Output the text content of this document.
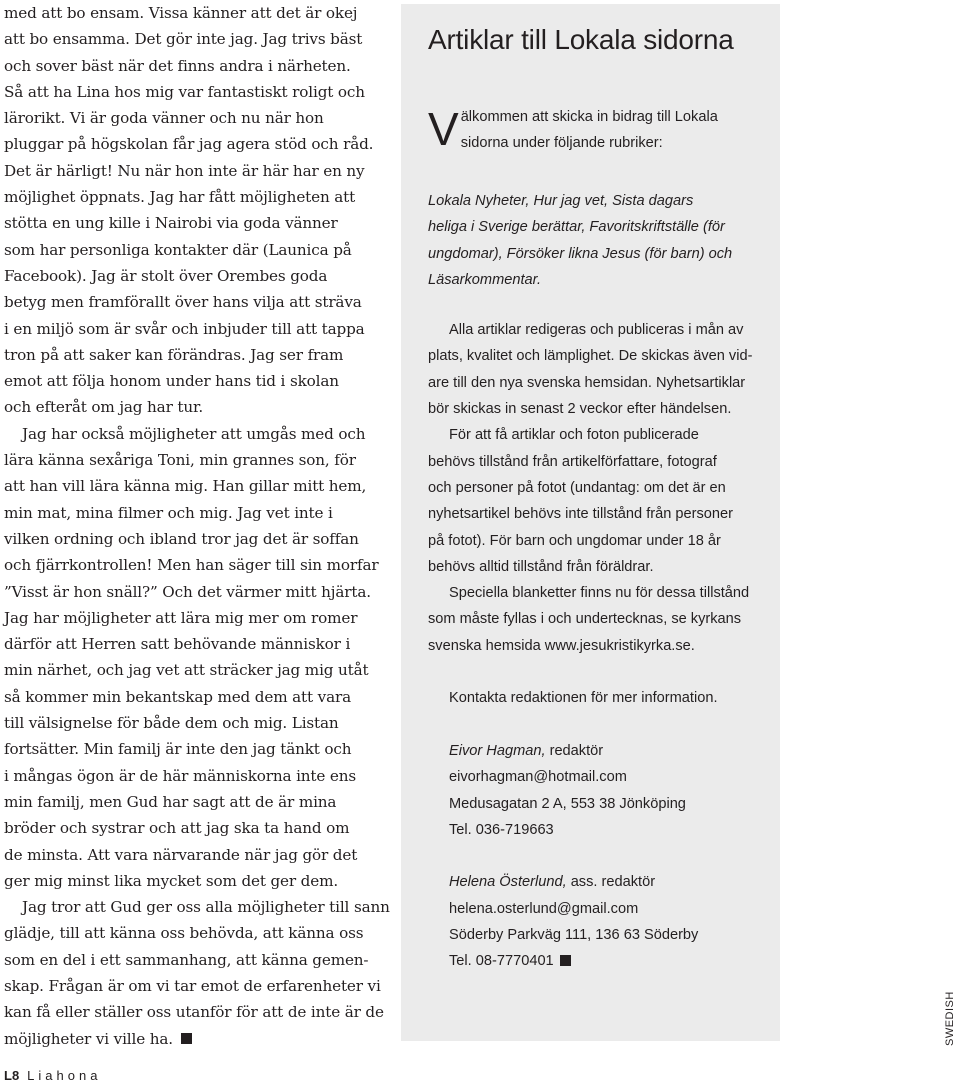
med att bo ensam. Vissa känner att det är okej
att bo ensamma. Det gör inte jag. Jag trivs bäst
och sover bäst när det finns andra i närheten.
Så att ha Lina hos mig var fantastiskt roligt och
lärorikt. Vi är goda vänner och nu när hon
pluggar på högskolan får jag agera stöd och råd.
Det är härligt! Nu när hon inte är här har en ny
möjlighet öppnats. Jag har fått möjligheten att
stötta en ung kille i Nairobi via goda vänner
som har personliga kontakter där (Launica på
Facebook). Jag är stolt över Orembes goda
betyg men framförallt över hans vilja att sträva
i en miljö som är svår och inbjuder till att tappa
tron på att saker kan förändras. Jag ser fram
emot att följa honom under hans tid i skolan
och efteråt om jag har tur.
Jag har också möjligheter att umgås med och
lära känna sexåriga Toni, min grannes son, för
att han vill lära känna mig. Han gillar mitt hem,
min mat, mina filmer och mig. Jag vet inte i
vilken ordning och ibland tror jag det är soffan
och fjärrkontrollen! Men han säger till sin morfar
”Visst är hon snäll?” Och det värmer mitt hjärta.
Jag har möjligheter att lära mig mer om romer
därför att Herren satt behövande människor i
min närhet, och jag vet att sträcker jag mig utåt
så kommer min bekantskap med dem att vara
till välsignelse för både dem och mig. Listan
fortsätter. Min familj är inte den jag tänkt och
i mångas ögon är de här människorna inte ens
min familj, men Gud har sagt att de är mina
bröder och systrar och att jag ska ta hand om
de minsta. Att vara närvarande när jag gör det
ger mig minst lika mycket som det ger dem.
Jag tror att Gud ger oss alla möjligheter till sann
glädje, till att känna oss behövda, att känna oss
som en del i ett sammanhang, att känna gemen-
skap. Frågan är om vi tar emot de erfarenheter vi
kan få eller ställer oss utanför för att de inte är de
möjligheter vi ville ha.
Artiklar till Lokala sidorna
V älkommen att skicka in bidrag till Lokala
sidorna under följande rubriker:
Lokala Nyheter, Hur jag vet, Sista dagars
heliga i Sverige berättar, Favoritskriftställe (för
ungdomar), Försöker likna Jesus (för barn) och
Läsarkommentar.
Alla artiklar redigeras och publiceras i mån av
plats, kvalitet och lämplighet. De skickas även vid-
are till den nya svenska hemsidan. Nyhetsartiklar
bör skickas in senast 2 veckor efter händelsen.
För att få artiklar och foton publicerade
behövs tillstånd från artikelförfattare, fotograf
och personer på fotot (undantag: om det är en
nyhetsartikel behövs inte tillstånd från personer
på fotot). För barn och ungdomar under 18 år
behövs alltid tillstånd från föräldrar.
Speciella blanketter finns nu för dessa tillstånd
som måste fyllas i och undertecknas, se kyrkans
svenska hemsida www.jesukristikyrka.se.
Kontakta redaktionen för mer information.
Eivor Hagman, redaktör
eivorhagman@hotmail.com
Medusagatan 2 A, 553 38 Jönköping
Tel. 036-719663
Helena Österlund, ass. redaktör
helena.osterlund@gmail.com
Söderby Parkväg 111, 136 63 Söderby
Tel. 08-7770401
SWEDISH
L8 Liahona
